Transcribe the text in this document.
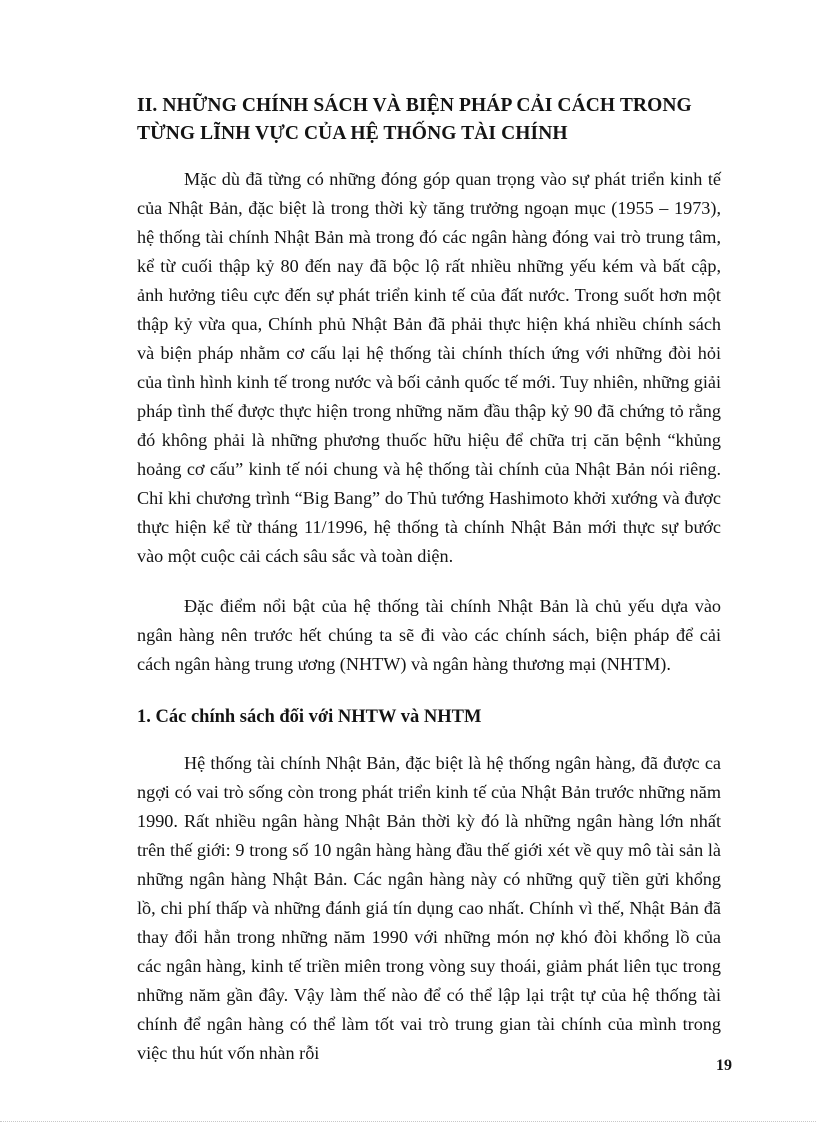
II. NHỮNG CHÍNH SÁCH VÀ BIỆN PHÁP CẢI CÁCH TRONG TỪNG LĨNH VỰC CỦA HỆ THỐNG TÀI CHÍNH

Mặc dù đã từng có những đóng góp quan trọng vào sự phát triển kinh tế của Nhật Bản, đặc biệt là trong thời kỳ tăng trưởng ngoạn mục (1955 – 1973), hệ thống tài chính Nhật Bản mà trong đó các ngân hàng đóng vai trò trung tâm, kể từ cuối thập kỷ 80 đến nay đã bộc lộ rất nhiều những yếu kém và bất cập, ảnh hưởng tiêu cực đến sự phát triển kinh tế của đất nước. Trong suốt hơn một thập kỷ vừa qua, Chính phủ Nhật Bản đã phải thực hiện khá nhiều chính sách và biện pháp nhằm cơ cấu lại hệ thống tài chính thích ứng với những đòi hỏi của tình hình kinh tế trong nước và bối cảnh quốc tế mới. Tuy nhiên, những giải pháp tình thế được thực hiện trong những năm đầu thập kỷ 90 đã chứng tỏ rằng đó không phải là những phương thuốc hữu hiệu để chữa trị căn bệnh “khủng hoảng cơ cấu” kinh tế nói chung và hệ thống tài chính của Nhật Bản nói riêng. Chỉ khi chương trình “Big Bang” do Thủ tướng Hashimoto khởi xướng và được thực hiện kể từ tháng 11/1996, hệ thống tà chính Nhật Bản mới thực sự bước vào một cuộc cải cách sâu sắc và toàn diện.

Đặc điểm nổi bật của hệ thống tài chính Nhật Bản là chủ yếu dựa vào ngân hàng nên trước hết chúng ta sẽ đi vào các chính sách, biện pháp để cải cách ngân hàng trung ương (NHTW) và ngân hàng thương mại (NHTM).

1. Các chính sách đối với NHTW và NHTM

Hệ thống tài chính Nhật Bản, đặc biệt là hệ thống ngân hàng, đã được ca ngợi có vai trò sống còn trong phát triển kinh tế của Nhật Bản trước những năm 1990. Rất nhiều ngân hàng Nhật Bản thời kỳ đó là những ngân hàng lớn nhất trên thế giới: 9 trong số 10 ngân hàng hàng đầu thế giới xét về quy mô tài sản là những ngân hàng Nhật Bản. Các ngân hàng này có những quỹ tiền gửi khổng lồ, chi phí thấp và những đánh giá tín dụng cao nhất. Chính vì thế, Nhật Bản đã thay đổi hẳn trong những năm 1990 với những món nợ khó đòi khổng lồ của các ngân hàng, kinh tế triền miên trong vòng suy thoái, giảm phát liên tục trong những năm gần đây. Vậy làm thế nào để có thể lập lại trật tự của hệ thống tài chính để ngân hàng có thể làm tốt vai trò trung gian tài chính của mình trong việc thu hút vốn nhàn rỗi

19
